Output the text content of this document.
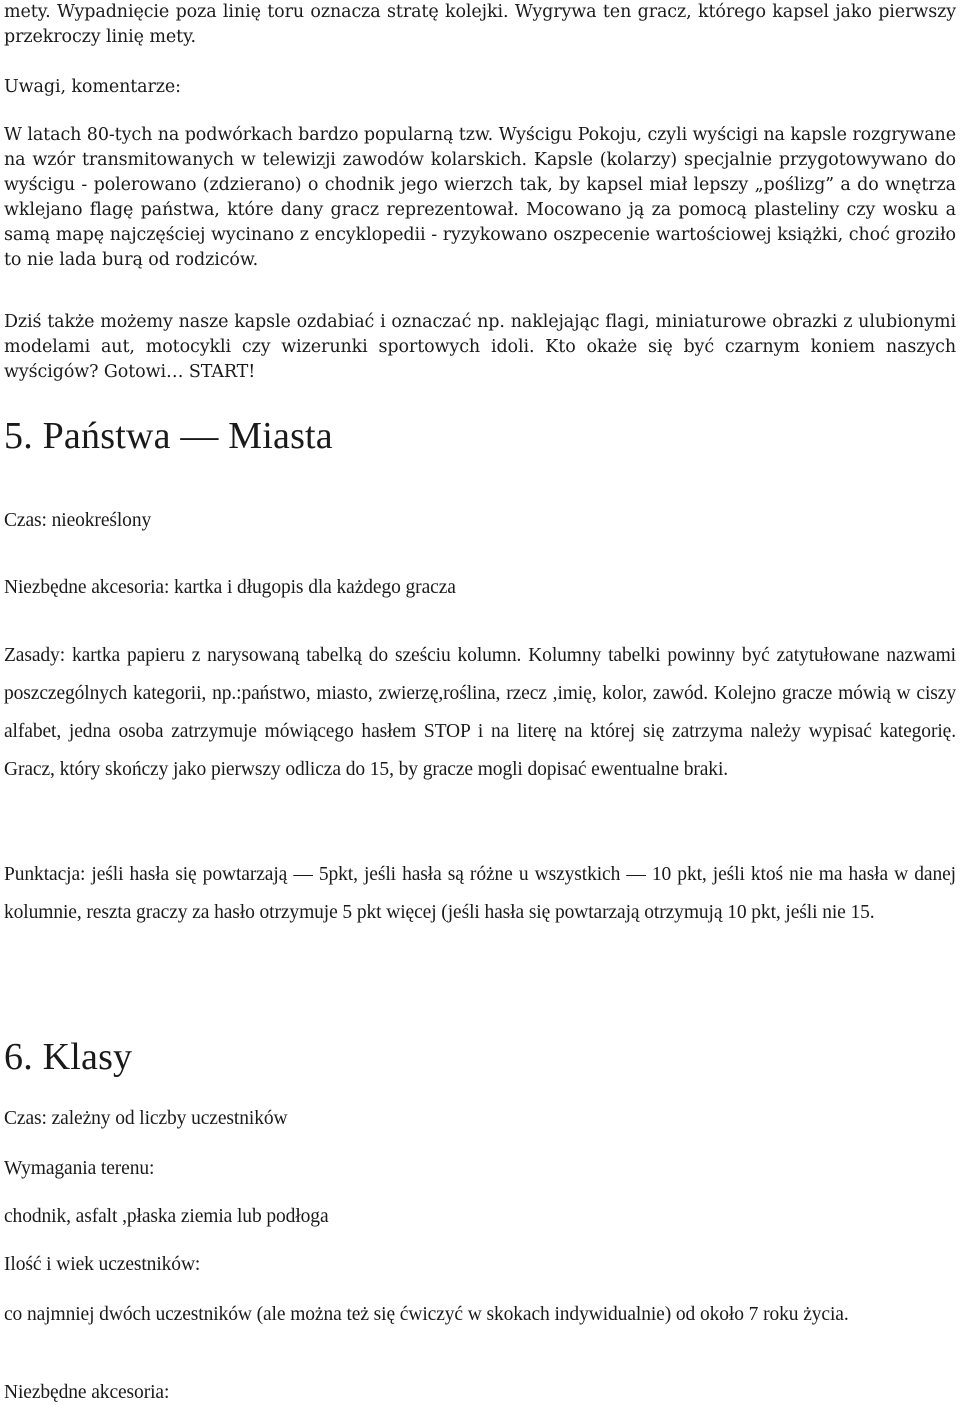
mety. Wypadnięcie poza linię toru oznacza stratę kolejki. Wygrywa ten gracz, którego kapsel jako pierwszy przekroczy linię mety.

Uwagi, komentarze:

W latach 80-tych na podwórkach bardzo popularną tzw. Wyścigu Pokoju, czyli wyścigi na kapsle rozgrywane na wzór transmitowanych w telewizji zawodów kolarskich. Kapsle (kolarzy) specjalnie przygotowywano do wyścigu - polerowano (zdzierano) o chodnik jego wierzch tak, by kapsel miał lepszy „poślizg” a do wnętrza wklejano flagę państwa, które dany gracz reprezentował. Mocowano ją za pomocą plasteliny czy wosku a samą mapę najczęściej wycinano z encyklopedii - ryzykowano oszpecenie wartościowej książki, choć groziło to nie lada burą od rodziców.

Dziś także możemy nasze kapsle ozdabiać i oznaczać np. naklejając flagi, miniaturowe obrazki z ulubionymi modelami aut, motocykli czy wizerunki sportowych idoli. Kto okaże się być czarnym koniem naszych wyścigów? Gotowi… START!

5. Państwa — Miasta

Czas: nieokreślony

Niezbędne akcesoria: kartka i długopis dla każdego gracza

Zasady: kartka papieru z narysowaną tabelką do sześciu kolumn. Kolumny tabelki powinny być zatytułowane nazwami poszczególnych kategorii, np.:państwo, miasto, zwierzę,roślina, rzecz ,imię, kolor, zawód. Kolejno gracze mówią w ciszy alfabet, jedna osoba zatrzymuje mówiącego hasłem STOP i na literę na której się zatrzyma należy wypisać kategorię. Gracz, który skończy jako pierwszy odlicza do 15, by gracze mogli dopisać ewentualne braki.

Punktacja: jeśli hasła się powtarzają — 5pkt, jeśli hasła są różne u wszystkich — 10 pkt, jeśli ktoś nie ma hasła w danej kolumnie, reszta graczy za hasło otrzymuje 5 pkt więcej (jeśli hasła się powtarzają otrzymują 10 pkt, jeśli nie 15.

6. Klasy

Czas: zależny od liczby uczestników

Wymagania terenu:

chodnik, asfalt ,płaska ziemia lub podłoga

Ilość i wiek uczestników:

co najmniej dwóch uczestników (ale można też się ćwiczyć w skokach indywidualnie) od około 7 roku życia.

Niezbędne akcesoria:
